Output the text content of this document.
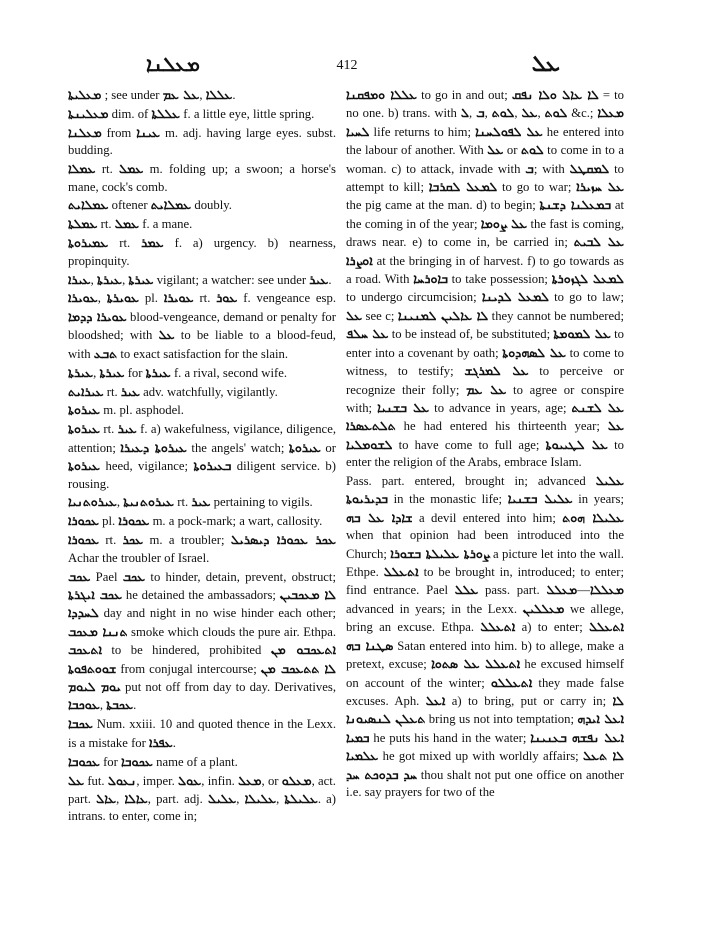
ܡܥܠܢܐ	412	ܥܠ

ܡܥܠܝܬܐ ; see under ܥܠ ܥܡ, ܥܠܠܐ.

ܡܥܠܝܢܬܐ dim. of ܥܠܠܬܐ f. a little eye, little spring.

ܡܥܠܢܐ from ܥܝܢܐ m. adj. having large eyes. subst. budding.

ܥܡܠܐ rt. ܥܡܠ m. folding up; a swoon; a horse's mane, cock's comb.

ܥܡܠܐܝܬ oftener ܥܡܠܐܝܬ doubly.

ܥܡܠܬܐ rt. ܥܡܠ f. a mane.

ܥܡܝܪܘܬܐ rt. ܥܡܪ f. a) urgency. b) nearness, propinquity.

ܥܝܪܐ, ܥܝܪܬܐ, ܥܝܪܬܐ vigilant; a watcher: see under ܥܝܪ.

ܥܘܝܪܐ, ܥܘܝܪܬܐ pl. ܥܘܝܪܐ rt. ܥܘܪ f. vengeance esp. ܥܘܝܪܐ ܕܕܡܐ blood-vengeance, demand or penalty for bloodshed; with ܥܠ to be liable to a blood-feud, with ܬܒܥ to exact satisfaction for the slain.

ܥܝܪܬܐ, ܥܝܪܬܐ for ܥܝܪܬܐ f. a rival, second wife.

ܥܝܪܐܝܬ rt. ܥܝܪ adv. watchfully, vigilantly.

ܥܝܪܘܬܐ m. pl. asphodel.

ܥܝܪܘܬܐ rt. ܥܝܪ f. a) wakefulness, vigilance, diligence, attention; ܥܝܪܘܬܐ ܕܥܝܪܐ the angels' watch; ܥܝܪܘܬܐ or ܥܝܪܘܬܐ heed, vigilance; ܒܥܝܪܘܬܐ diligent service. b) rousing.

ܥܝܪܘܬܢܝܐ, ܥܝܪܘܬܢܝܬܐ rt. ܥܝܪ pertaining to vigils.

ܥܟܘܪܐ pl. ܥܟܘܪܐ m. a pock-mark; a wart, callosity.

ܥܟܘܪܐ rt. ܥܟܪ m. a troubler; ܥܟܪ ܥܟܘܪܐ ܕܝܣܪܝܠ Achar the troubler of Israel.

ܥܟܒ Pael ܥܟܒ to hinder, detain, prevent, obstruct; ܥܟܒ ܐܝܓܪܬܐ he detained the ambassadors; ܠܐ ܡܥܟܒܝܢ ܠܚܕܕܐ day and night in no wise hinder each other; ܬܢܢܐ ܡܥܟܒ smoke which clouds the pure air. Ethpa. ܐܬܥܟܒ to be hindered, prohibited ܐܬܥܟܒܘ ܡܢ ܫܘܘܬܦܘܬܐ from conjugal intercourse; ܠܐ ܬܬܥܟܒ ܡܢ ܝܘܡ ܠܝܘܡ put not off from day to day. Derivatives, ܥܘܟܒܐ, ܥܟܒܬܐ.

ܥܟܒܐ Num. xxiii. 10 and quoted thence in the Lexx. is a mistake for ܥܦܪܐ.

ܥܟܘܒܐ for ܥܟܘܒܐ name of a plant.

ܥܠ fut. ܢܥܘܠ, imper. ܥܘܠ, infin. ܡܥܠ, or ܡܥܠܘ, act. part. ܥܐܠ, ܥܐܠܐ, part. adj. ܥܠܝܠ, ܥܠܝܠܐ, ܥܠܝܠܬܐ. a) intrans. to enter, come in;

ܥܠܠܐ ܘܡܦܩܢܐ to go in and out; ܠܐ ܥܐܠ ܘܠܐ ܢܦܩ = to no one. b) trans. with ܠ, ܒ, ܠܘܬ, ܥܠ, ܠܘܬ &c.; ܡܥܠܐ ܠܚܝܐ life returns to him; ܥܠ ܠܦܘܠܚܢܐ he entered into the labour of another. With ܥܠ or ܠܘܬ to come in to a woman. c) to attack, invade with ܒ; with ܠܡܩܛܠ to attempt to kill; ܠܡܥܠ ܠܩܪܒܐ to go to war; ܥܠ ܚܙܝܪܐ the pig came at the man. d) to begin; ܒܡܥܠܢܐ ܕܫܢܬܐ at the coming in of the year; ܥܠ ܨܘܡܐ the fast is coming, draws near. e) to come in, be carried in; ܥܠ ܠܒܝܬ ܐܘܨܪܐ at the bringing in of harvest. f) to go towards as a road. With ܒܐܘܪܚܐ to take possession; ܠܡܥܠ ܠܓܙܘܪܬܐ to undergo circumcision; ܠܡܥܠ ܠܕܝܢܐ to go to law; ܥܠ see c; ܠܐ ܥܐܠܝܢ ܠܡܢܝܢܐ they cannot be numbered; ܥܠ ܚܠܦ to be instead of, be substituted; ܥܠ ܠܡܘܡܬܐ to enter into a covenant by oath; ܥܠ ܠܣܗܕܘܬܐ to come to witness, to testify; ܥܠ ܠܡܪܓܫ to perceive or recognize their folly; ܥܠ ܥܡ to agree or conspire with; ܥܠ ܒܫܢܝܐ to advance in years, age; ܥܠ ܠܫܢܬ ܬܠܬܥܣܪܐ he had entered his thirteenth year; ܥܠ ܠܫܘܡܠܝܐ to have come to full age; ܥܠ ܠܛܝܝܘܬܐ to enter the religion of the Arabs, embrace Islam.

Pass. part. entered, brought in; advanced ܥܠܝܠ ܒܕܝܪܝܘܬܐ in the monastic life; ܥܠܝܠ ܒܫܢܝܐ in years; ܫܐܕܐ ܥܠ ܒܗ a devil entered into him; ܥܠܝܠܐ ܗܘܬ when that opinion had been introduced into the Church; ܨܘܪܬܐ ܥܠܝܠܬܐ ܒܫܘܪܐ a picture let into the wall. Ethpe. ܐܬܥܠܠ to be brought in, introduced; to enter; find entrance. Pael ܥܠܠ pass. part. ܡܥܠܠ—ܡܥܠܠܐ advanced in years; in the Lexx. ܡܥܠܠܝܢ we allege, bring an excuse. Ethpa. ܐܬܥܠܠ a) to enter; ܐܬܥܠܠ ܣܛܢܐ ܒܗ Satan entered into him. b) to allege, make a pretext, excuse; ܐܬܥܠܠ ܥܠ ܣܬܘܐ he excused himself on account of the winter; ܐܬܥܠܠܘ they made false excuses. Aph. ܐܥܠ a) to bring, put or carry in; ܠܐ ܬܥܠܢ ܠܢܣܝܘܢܐ bring us not into temptation; ܐܥܠ ܐܝܕܗ ܒܡܝܐ he puts his hand in the water; ܐܥܠ ܢܦܫܗ ܒܥܢܝܢܐ ܥܠܡܝܐ he got mixed up with worldly affairs; ܠܐ ܬܥܠ ܚܕ ܒܕܘܟܬ ܚܕ thou shalt not put one office on another i.e. say prayers for two of the
